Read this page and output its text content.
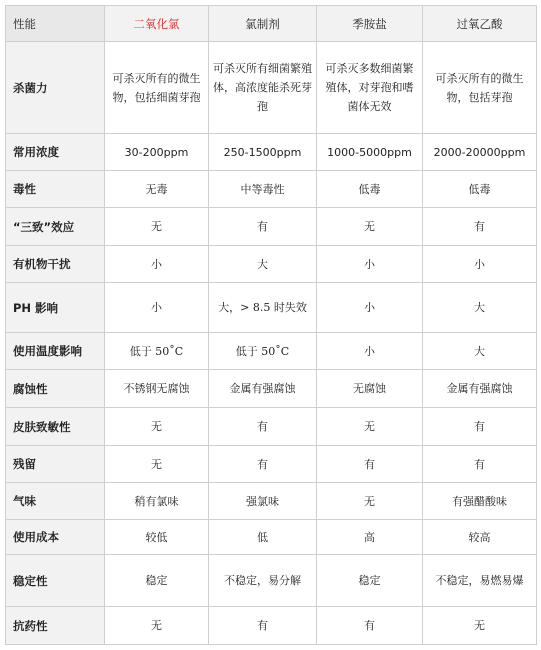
性能	二氧化氯	氯制剂	季胺盐	过氧乙酸
杀菌力	可杀灭所有的微生物，包括细菌芽孢	可杀灭所有细菌繁殖体，高浓度能杀死芽孢	可杀灭多数细菌繁殖体，对芽孢和嗜菌体无效	可杀灭所有的微生物，包括芽孢
常用浓度	30-200ppm	250-1500ppm	1000-5000ppm	2000-20000ppm
毒性	无毒	中等毒性	低毒	低毒
“三致”效应	无	有	无	有
有机物干扰	小	大	小	小
PH 影响	小	大，> 8.5 时失效	小	大
使用温度影响	低于 50˚C	低于 50˚C	小	大
腐蚀性	不锈钢无腐蚀	金属有强腐蚀	无腐蚀	金属有强腐蚀
皮肤致敏性	无	有	无	有
残留	无	有	有	有
气味	稍有氯味	强氯味	无	有强醋酸味
使用成本	较低	低	高	较高
稳定性	稳定	不稳定，易分解	稳定	不稳定，易燃易爆
抗药性	无	有	有	无
